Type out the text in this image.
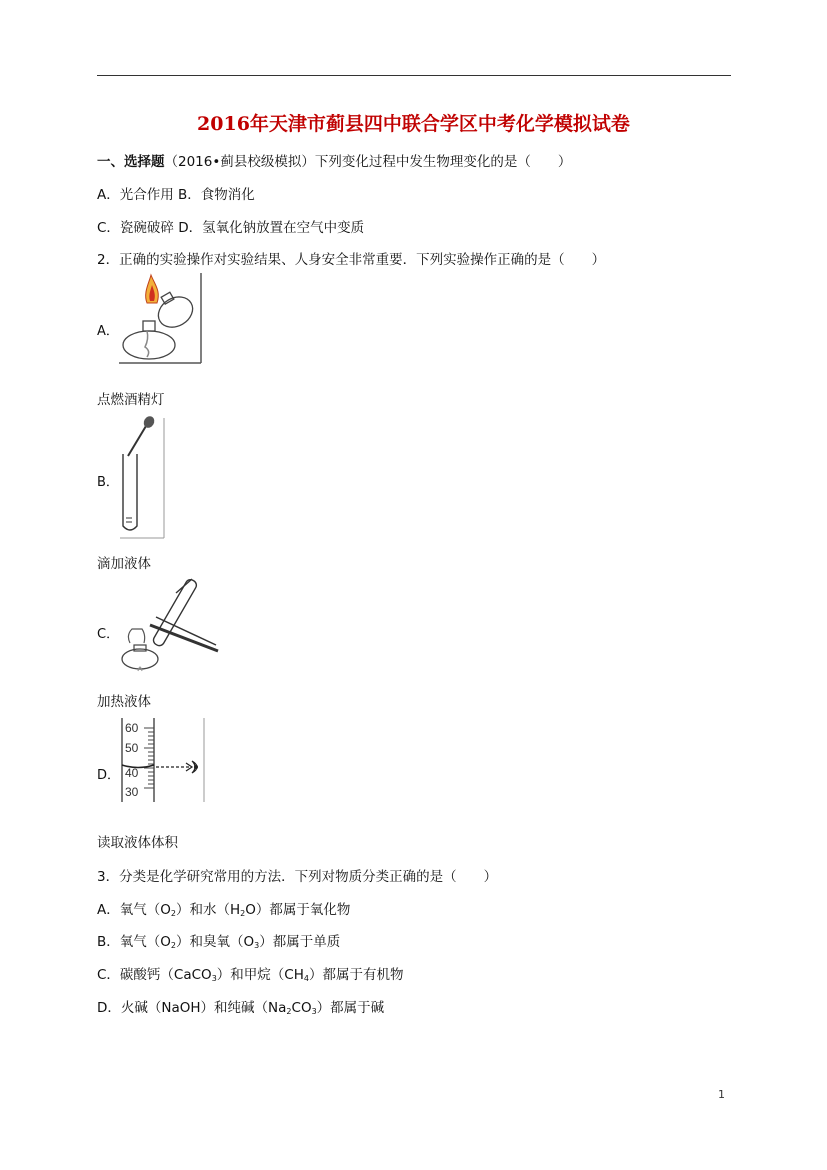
2016年天津市蓟县四中联合学区中考化学模拟试卷
一、选择题（2016•蓟县校级模拟）下列变化过程中发生物理变化的是（　　）
A．光合作用 B．食物消化
C．瓷碗破碎 D．氢氧化钠放置在空气中变质
2．正确的实验操作对实验结果、人身安全非常重要．下列实验操作正确的是（　　）
A．
点燃酒精灯
B．
滴加液体
C．
加热液体
D．
60
50
40
30
读取液体体积
3．分类是化学研究常用的方法．下列对物质分类正确的是（　　）
A．氧气$(O_2)$和水$(H_2O)$都属于氧化物
B．氧气$(O_2)$和臭氧$(O_3)$都属于单质
C．碳酸钙（CaCO$_3$）和甲烷$(CH_4)$都属于有机物
D．火碱（NaOH）和纯碱$(Na_2CO_3)$都属于碱
1
